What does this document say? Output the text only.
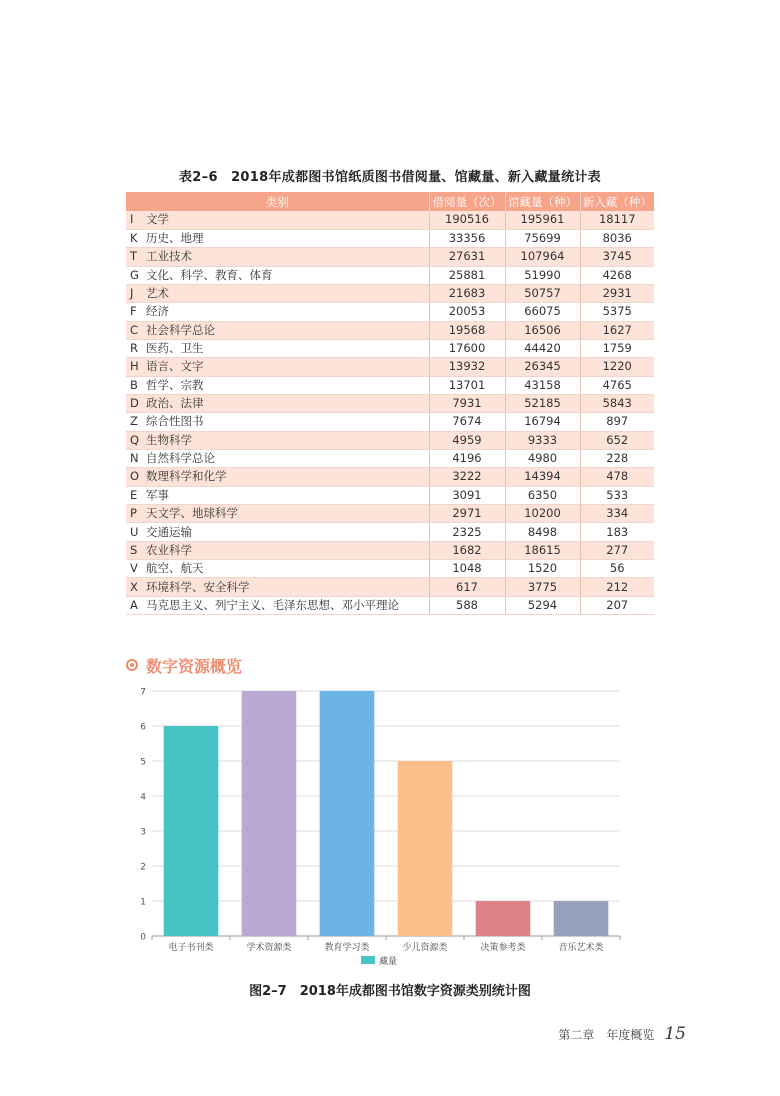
表2–6　2018年成都图书馆纸质图书借阅量、馆藏量、新入藏量统计表
类别	借阅量（次）	馆藏量（种）	新入藏（种）
I 文学	190516	195961	18117
K 历史、地理	33356	75699	8036
T 工业技术	27631	107964	3745
G 文化、科学、教育、体育	25881	51990	4268
J 艺术	21683	50757	2931
F 经济	20053	66075	5375
C 社会科学总论	19568	16506	1627
R 医药、卫生	17600	44420	1759
H 语言、文字	13932	26345	1220
B 哲学、宗教	13701	43158	4765
D 政治、法律	7931	52185	5843
Z 综合性图书	7674	16794	897
Q 生物科学	4959	9333	652
N 自然科学总论	4196	4980	228
O 数理科学和化学	3222	14394	478
E 军事	3091	6350	533
P 天文学、地球科学	2971	10200	334
U 交通运输	2325	8498	183
S 农业科学	1682	18615	277
V 航空、航天	1048	1520	56
X 环境科学、安全科学	617	3775	212
A 马克思主义、列宁主义、毛泽东思想、邓小平理论	588	5294	207
数字资源概览
0
1
2
3
4
5
6
7
电子书刊类	学术资源类	教育学习类	少儿资源类	决策参考类	音乐艺术类
藏量
图2–7　2018年成都图书馆数字资源类别统计图
第二章　年度概览 15
